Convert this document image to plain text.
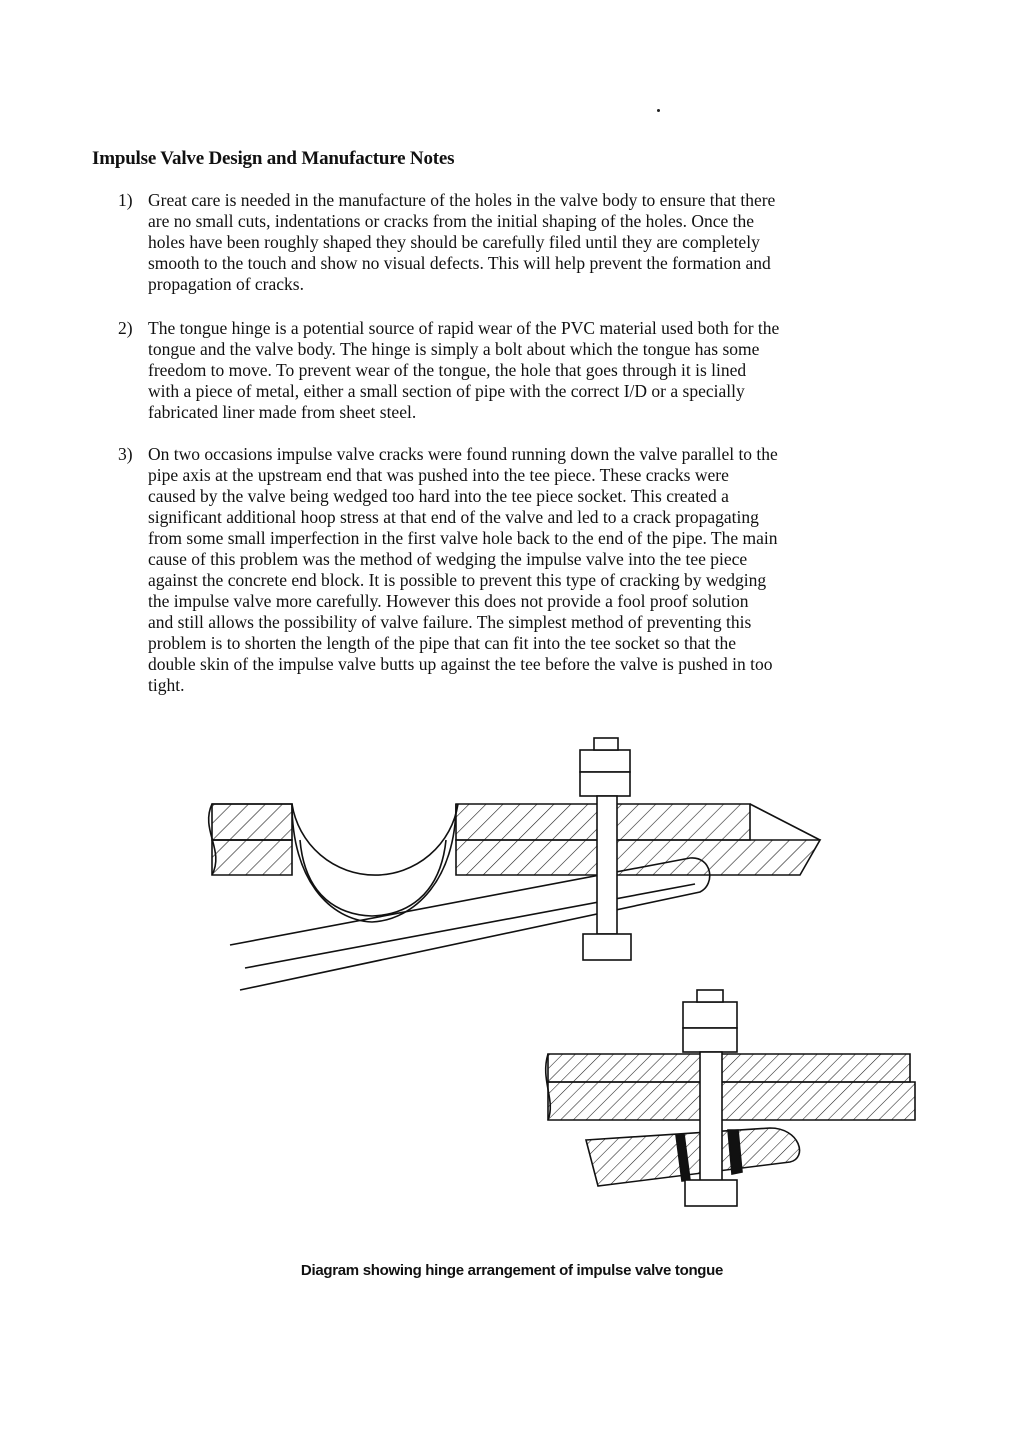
Impulse Valve Design and Manufacture Notes
1) Great care is needed in the manufacture of the holes in the valve body to ensure that there
are no small cuts, indentations or cracks from the initial shaping of the holes. Once the
holes have been roughly shaped they should be carefully filed until they are completely
smooth to the touch and show no visual defects. This will help prevent the formation and
propagation of cracks.
2) The tongue hinge is a potential source of rapid wear of the PVC material used both for the
tongue and the valve body. The hinge is simply a bolt about which the tongue has some
freedom to move. To prevent wear of the tongue, the hole that goes through it is lined
with a piece of metal, either a small section of pipe with the correct I/D or a specially
fabricated liner made from sheet steel.
3) On two occasions impulse valve cracks were found running down the valve parallel to the
pipe axis at the upstream end that was pushed into the tee piece. These cracks were
caused by the valve being wedged too hard into the tee piece socket. This created a
significant additional hoop stress at that end of the valve and led to a crack propagating
from some small imperfection in the first valve hole back to the end of the pipe. The main
cause of this problem was the method of wedging the impulse valve into the tee piece
against the concrete end block. It is possible to prevent this type of cracking by wedging
the impulse valve more carefully. However this does not provide a fool proof solution
and still allows the possibility of valve failure. The simplest method of preventing this
problem is to shorten the length of the pipe that can fit into the tee socket so that the
double skin of the impulse valve butts up against the tee before the valve is pushed in too
tight.
Diagram showing hinge arrangement of impulse valve tongue
